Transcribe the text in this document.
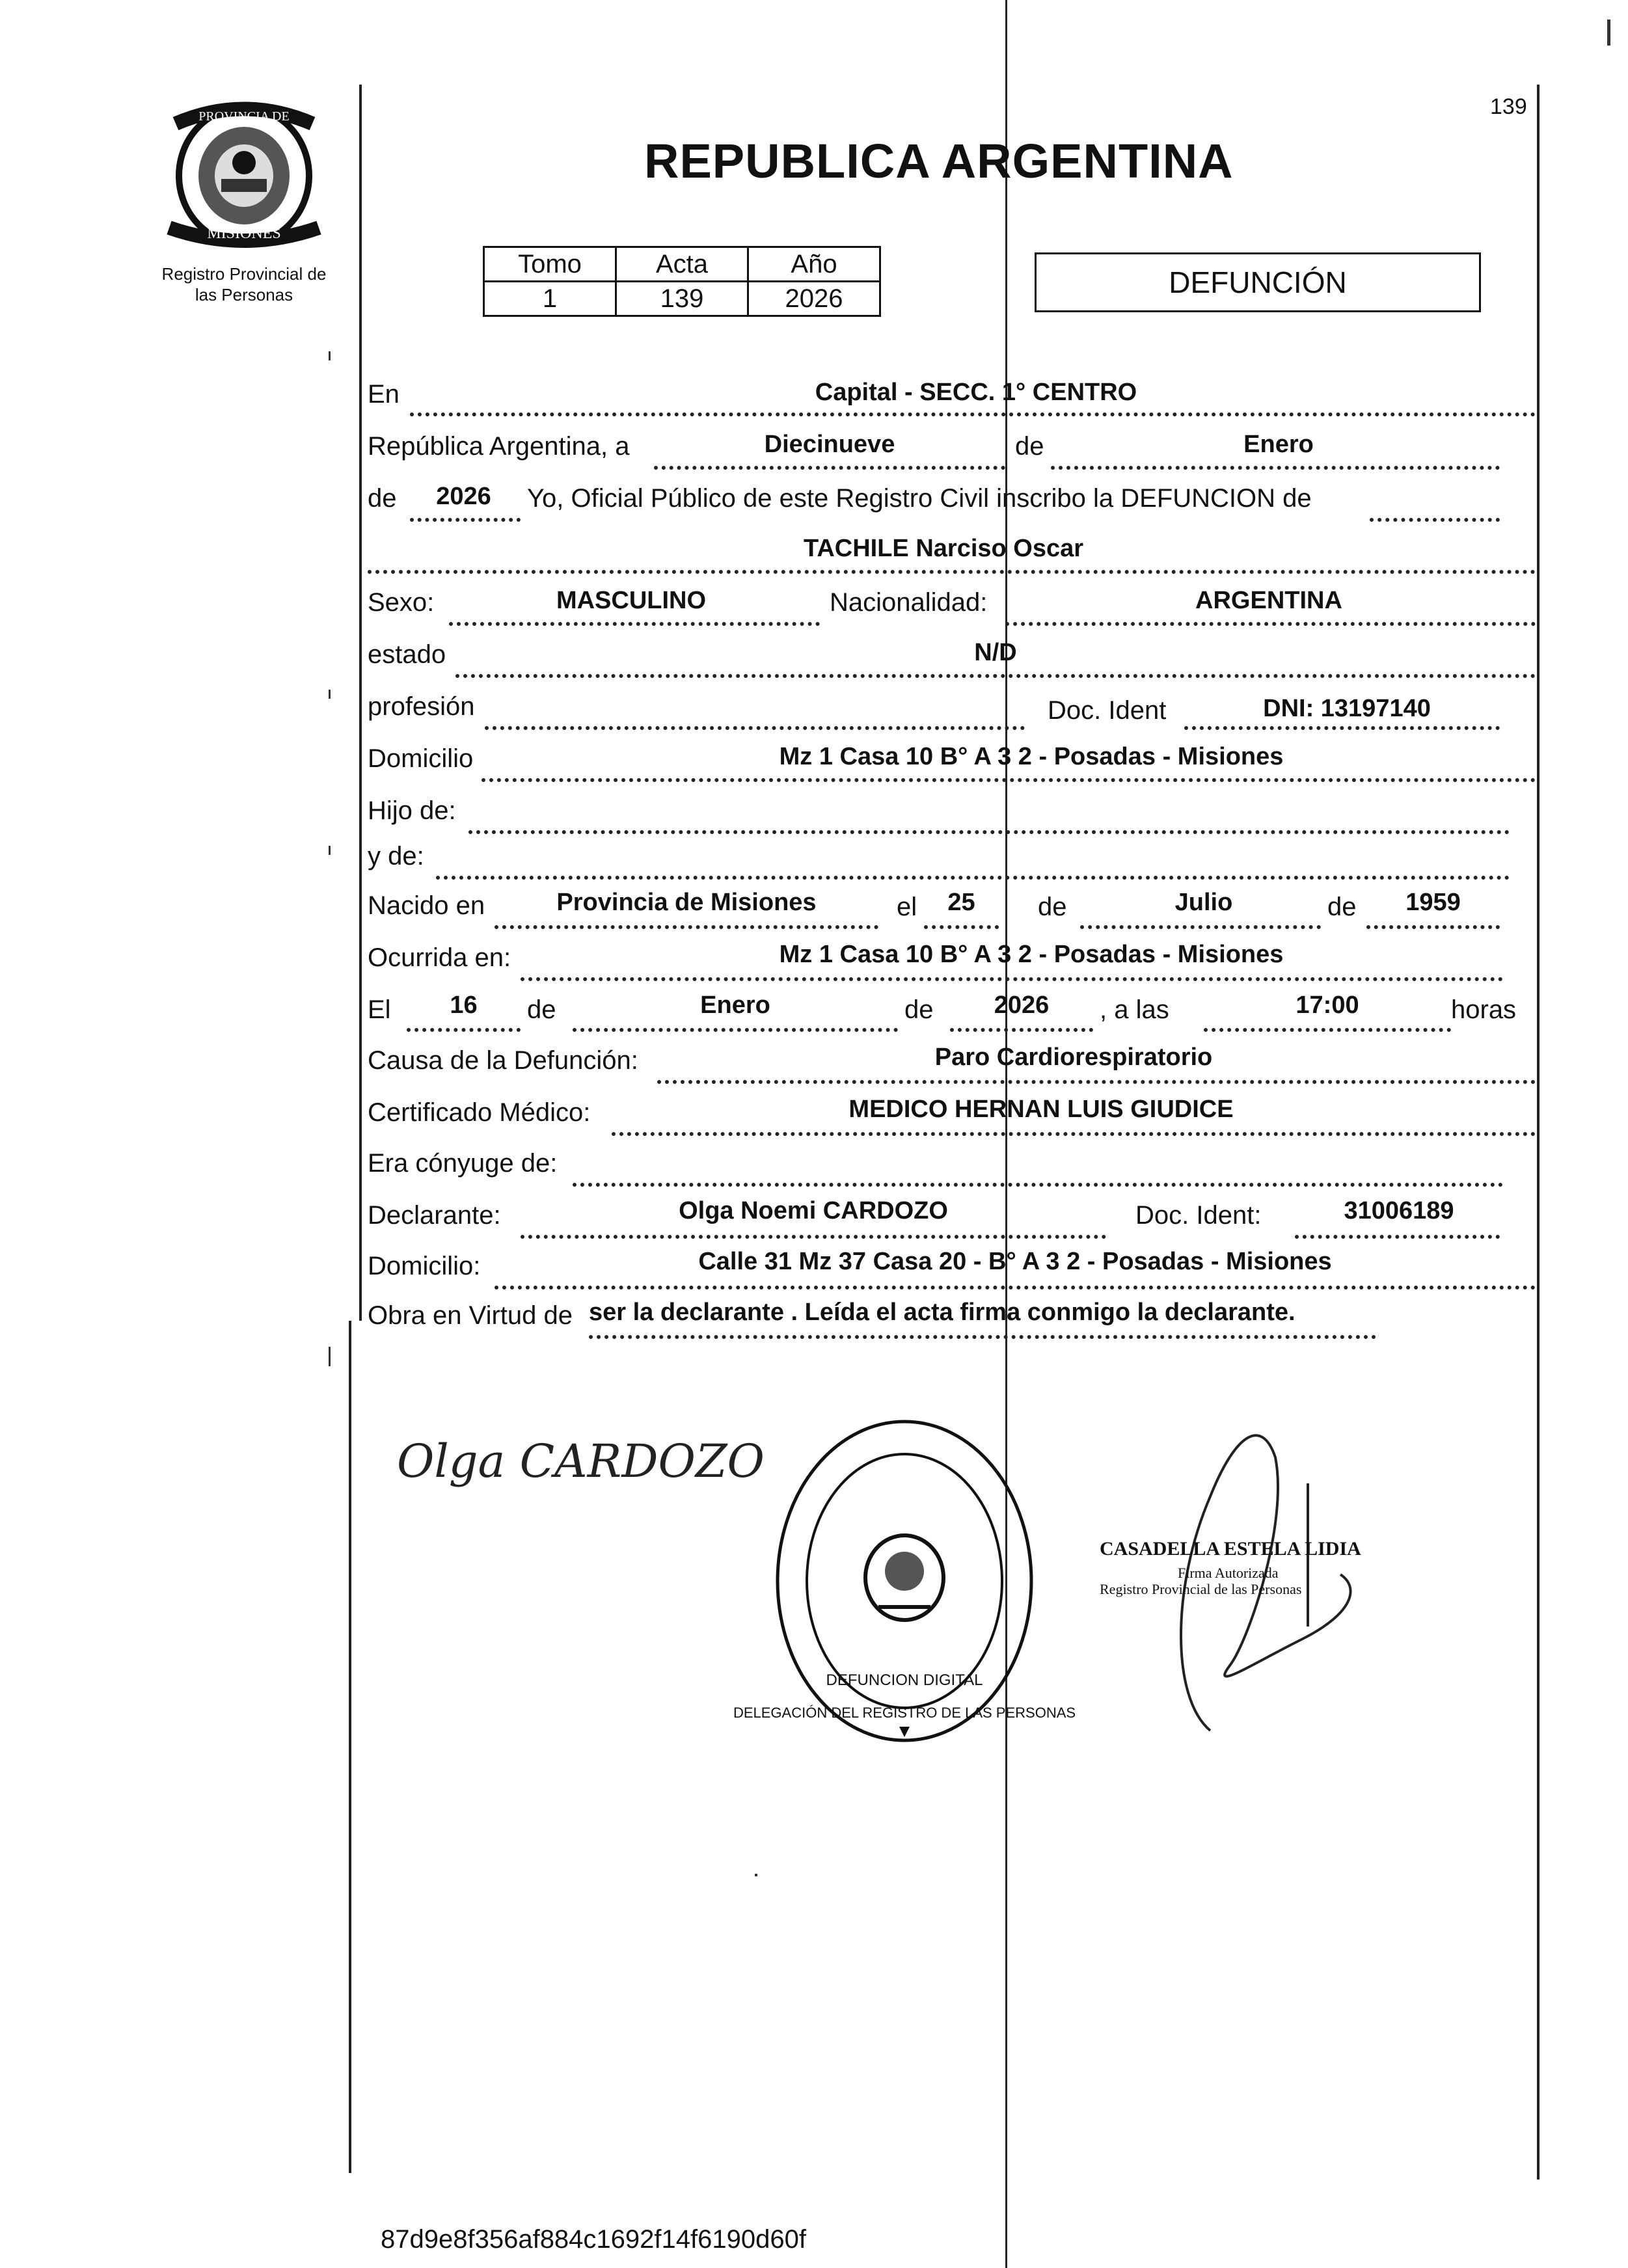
PROVINCIA DE
MISIONES
Registro Provincial de
las Personas
139
REPUBLICA ARGENTINA
Tomo	Acta	Año
1	139	2026	DEFUNCIÓN
En	Capital - SECC. 1° CENTRO
República Argentina, a	Diecinueve	de	Enero
de	2026	Yo, Oficial Público de este Registro Civil inscribo la DEFUNCION de
TACHILE Narciso Oscar
Sexo:	MASCULINO	Nacionalidad:	ARGENTINA
estado	N/D
profesión	Doc. Ident	DNI: 13197140
Domicilio	Mz 1 Casa 10 B° A 3 2 - Posadas - Misiones
Hijo de:
y de:
Nacido en	Provincia de Misiones	el	25	de	Julio	de	1959
Ocurrida en:	Mz 1 Casa 10 B° A 3 2 - Posadas - Misiones
El	16	de	Enero	de	2026	, a las	17:00	horas
Causa de la Defunción:	Paro Cardiorespiratorio
Certificado Médico:	MEDICO HERNAN LUIS GIUDICE
Era cónyuge de:
Declarante:	Olga Noemi CARDOZO	Doc. Ident:	31006189
Domicilio:	Calle 31 Mz 37 Casa 20 - B° A 3 2 - Posadas - Misiones
Obra en Virtud de ser la declarante . Leída el acta firma conmigo la declarante.
Olga CARDOZO
DELEGACIÓN DEL REGISTRO DE LAS PERSONAS
DEFUNCION DIGITAL
CASADELLA ESTELA LIDIA
Firma Autorizada
Registro Provincial de las Personas
87d9e8f356af884c1692f14f6190d60f
